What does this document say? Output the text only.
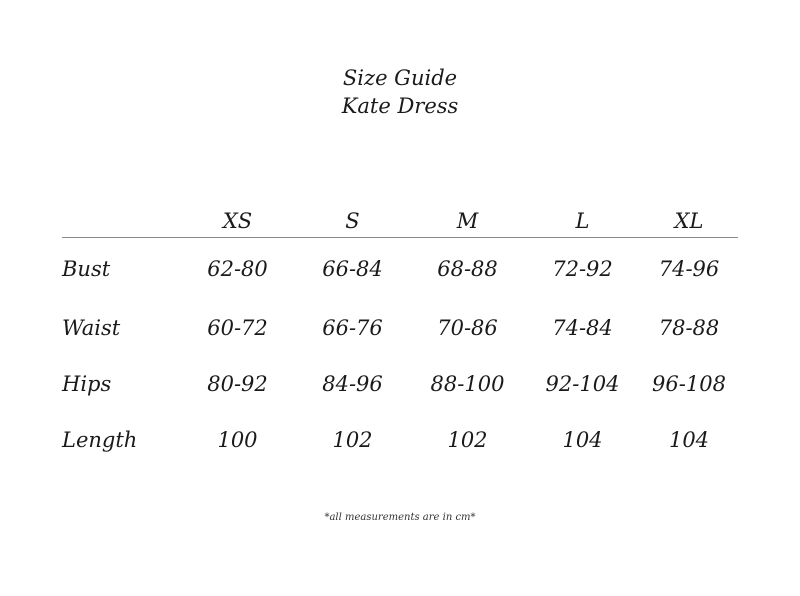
Size Guide
Kate Dress
	XS	S	M	L	XL
Bust	62-80	66-84	68-88	72-92	74-96
Waist	60-72	66-76	70-86	74-84	78-88
Hips	80-92	84-96	88-100	92-104	96-108
Length	100	102	102	104	104
*all measurements are in cm*
